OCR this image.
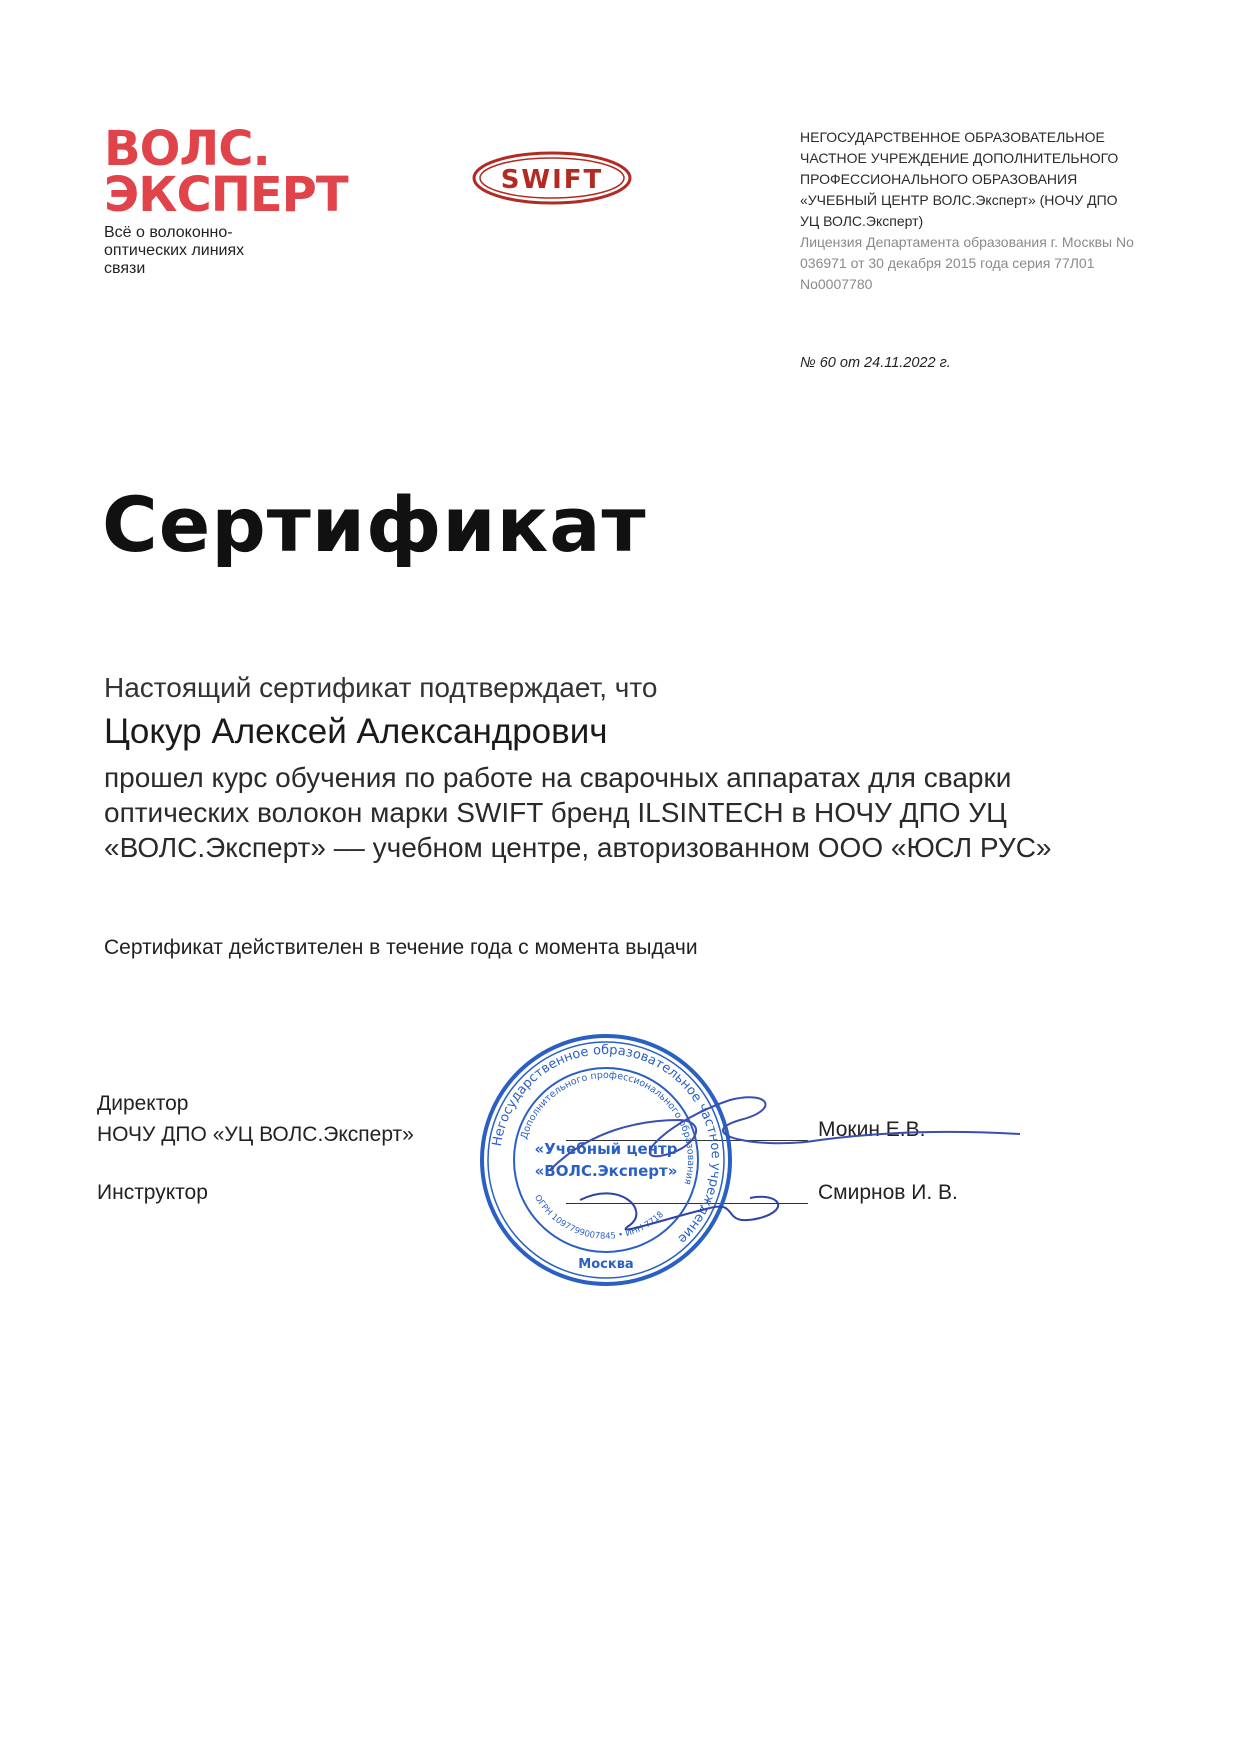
ВОЛС.
ЭКСПЕРТ
Всё о волоконно-оптических линиях связи
SWIFT
НЕГОСУДАРСТВЕННОЕ ОБРАЗОВАТЕЛЬНОЕ ЧАСТНОЕ УЧРЕЖДЕНИЕ ДОПОЛНИТЕЛЬНОГО ПРОФЕССИОНАЛЬНОГО ОБРАЗОВАНИЯ «УЧЕБНЫЙ ЦЕНТР ВОЛС.Эксперт» (НОЧУ ДПО УЦ ВОЛС.Эксперт)
Лицензия Департамента образования г. Москвы No 036971 от 30 декабря 2015 года серия 77Л01 No0007780
№ 60 от 24.11.2022 г.
Сертификат
Настоящий сертификат подтверждает, что
Цокур Алексей Александрович
прошел курс обучения по работе на сварочных аппаратах для сварки оптических волокон марки SWIFT бренд ILSINTECH в НОЧУ ДПО УЦ «ВОЛС.Эксперт» –– учебном центре, авторизованном ООО «ЮСЛ РУС»
Сертификат действителен в течение года с момента выдачи
Директор
НОЧУ ДПО «УЦ ВОЛС.Эксперт»
Инструктор
Мокин Е.В.
Смирнов И. В.
Негосударственное образовательное частное учреждение
Дополнительного профессионального образования
ОГРН 1097799007845 • ИНН 7718
«Учебный центр
«ВОЛС.Эксперт»
Москва
